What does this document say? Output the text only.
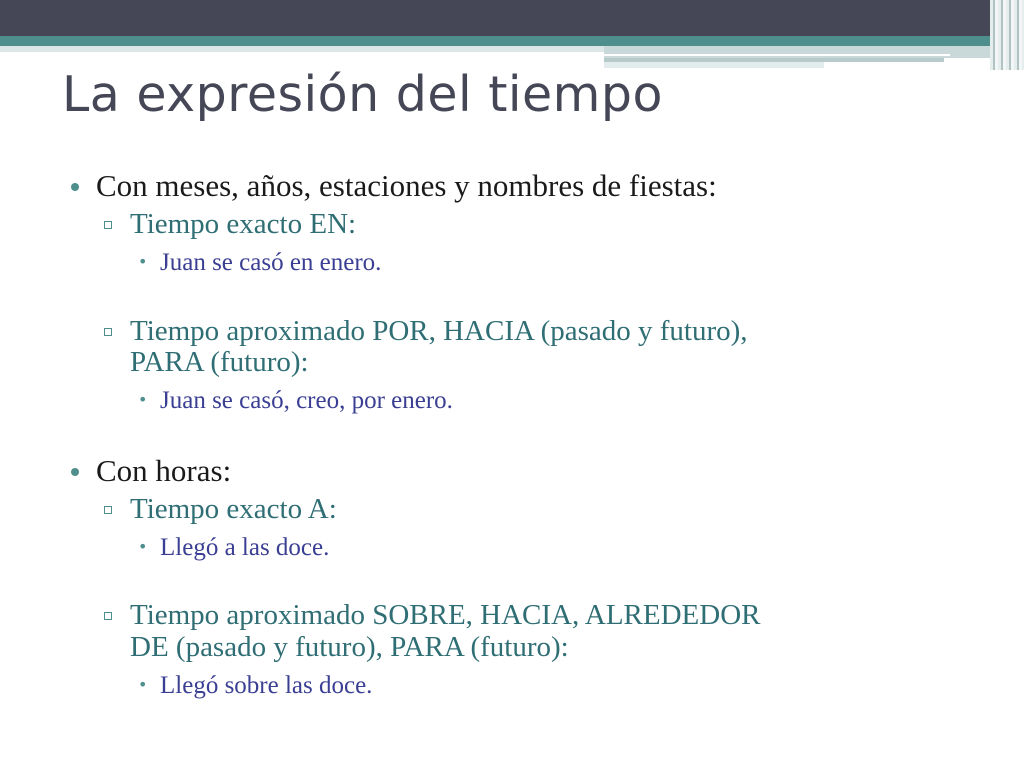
La expresión del tiempo
Con meses, años, estaciones y nombres de fiestas:
Tiempo exacto EN:
• Juan se casó en enero.
Tiempo aproximado POR, HACIA (pasado y futuro),
PARA (futuro):
• Juan se casó, creo, por enero.
Con horas:
Tiempo exacto A:
• Llegó a las doce.
Tiempo aproximado SOBRE, HACIA, ALREDEDOR
DE (pasado y futuro), PARA (futuro):
• Llegó sobre las doce.
